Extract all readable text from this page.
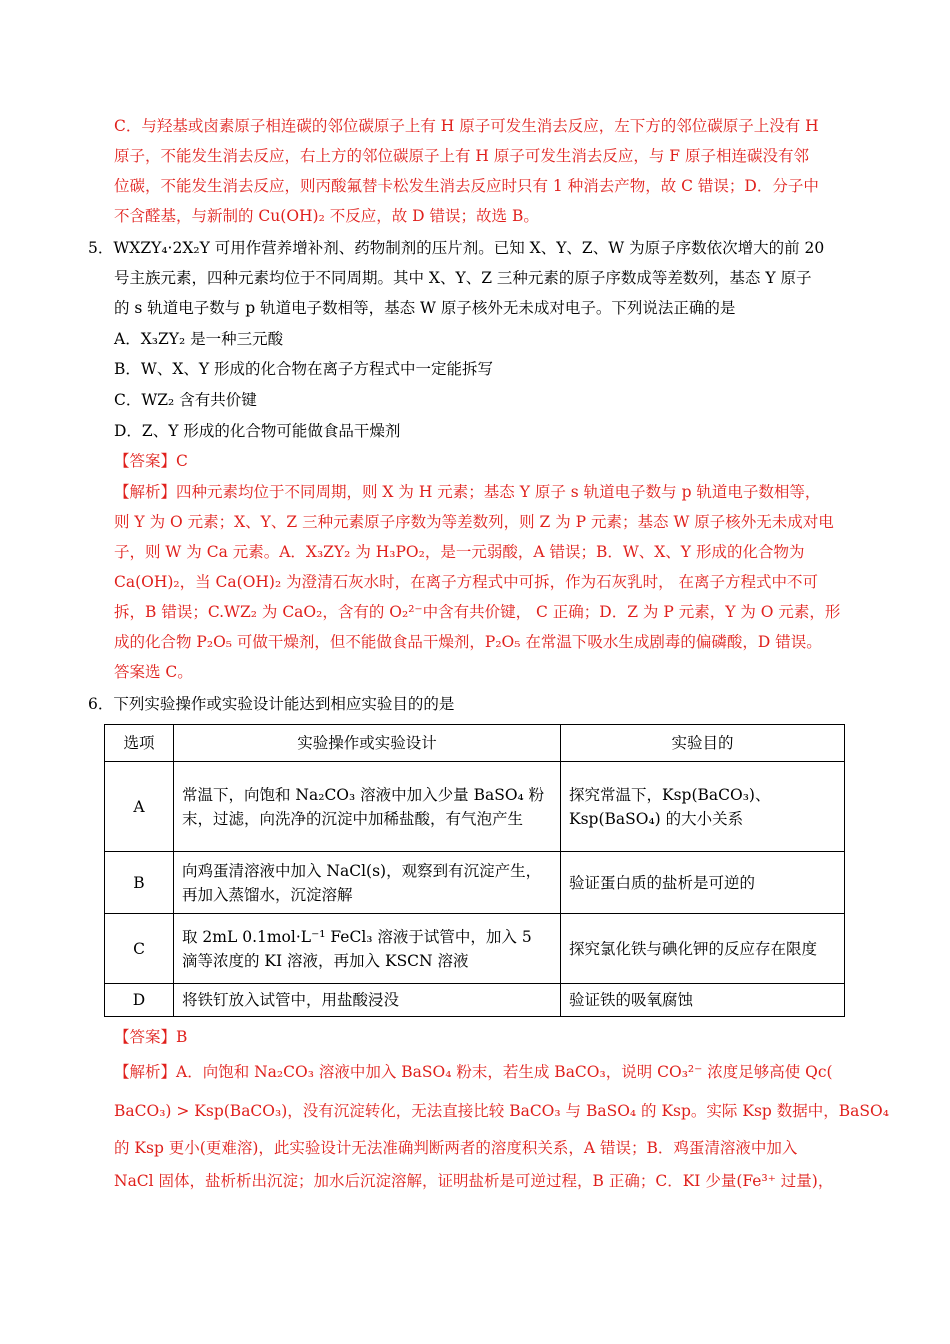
C．与羟基或卤素原子相连碳的邻位碳原子上有 H 原子可发生消去反应，左下方的邻位碳原子上没有 H
原子，不能发生消去反应，右上方的邻位碳原子上有 H 原子可发生消去反应，与 F 原子相连碳没有邻
位碳，不能发生消去反应，则丙酸氟替卡松发生消去反应时只有 1 种消去产物，故 C 错误；D．分子中
不含醛基，与新制的 Cu(OH)₂ 不反应，故 D 错误；故选 B。
5．WXZY₄·2X₂Y 可用作营养增补剂、药物制剂的压片剂。已知 X、Y、Z、W 为原子序数依次增大的前 20
号主族元素，四种元素均位于不同周期。其中 X、Y、Z 三种元素的原子序数成等差数列，基态 Y 原子
的 s 轨道电子数与 p 轨道电子数相等，基态 W 原子核外无未成对电子。下列说法正确的是
A．X₃ZY₂ 是一种三元酸
B．W、X、Y 形成的化合物在离子方程式中一定能拆写
C．WZ₂ 含有共价键
D．Z、Y 形成的化合物可能做食品干燥剂
【答案】C
【解析】四种元素均位于不同周期，则 X 为 H 元素；基态 Y 原子 s 轨道电子数与 p 轨道电子数相等，
则 Y 为 O 元素；X、Y、Z 三种元素原子序数为等差数列，则 Z 为 P 元素；基态 W 原子核外无未成对电
子，则 W 为 Ca 元素。A．X₃ZY₂ 为 H₃PO₂，是一元弱酸，A 错误；B．W、X、Y 形成的化合物为
Ca(OH)₂，当 Ca(OH)₂ 为澄清石灰水时，在离子方程式中可拆，作为石灰乳时， 在离子方程式中不可
拆，B 错误；C.WZ₂ 为 CaO₂，含有的 O₂²⁻中含有共价键， C 正确；D．Z 为 P 元素，Y 为 O 元素，形
成的化合物 P₂O₅ 可做干燥剂，但不能做食品干燥剂，P₂O₅ 在常温下吸水生成剧毒的偏磷酸，D 错误。
答案选 C。
6．下列实验操作或实验设计能达到相应实验目的的是
选项	实验操作或实验设计	实验目的
A	常温下，向饱和 Na₂CO₃ 溶液中加入少量 BaSO₄ 粉末，过滤，向洗净的沉淀中加稀盐酸，有气泡产生	探究常温下，Ksp(BaCO₃)、Ksp(BaSO₄) 的大小关系
B	向鸡蛋清溶液中加入 NaCl(s)，观察到有沉淀产生，再加入蒸馏水，沉淀溶解	验证蛋白质的盐析是可逆的
C	取 2mL 0.1mol·L⁻¹ FeCl₃ 溶液于试管中，加入 5 滴等浓度的 KI 溶液，再加入 KSCN 溶液	探究氯化铁与碘化钾的反应存在限度
D	将铁钉放入试管中，用盐酸浸没	验证铁的吸氧腐蚀
【答案】B
【解析】A．向饱和 Na₂CO₃ 溶液中加入 BaSO₄ 粉末，若生成 BaCO₃，说明 CO₃²⁻ 浓度足够高使 Qc(
BaCO₃) > Ksp(BaCO₃)，没有沉淀转化，无法直接比较 BaCO₃ 与 BaSO₄ 的 Ksp。实际 Ksp 数据中，BaSO₄
的 Ksp 更小(更难溶)，此实验设计无法准确判断两者的溶度积关系，A 错误；B．鸡蛋清溶液中加入
NaCl 固体，盐析析出沉淀；加水后沉淀溶解，证明盐析是可逆过程，B 正确；C．KI 少量(Fe³⁺ 过量)，
